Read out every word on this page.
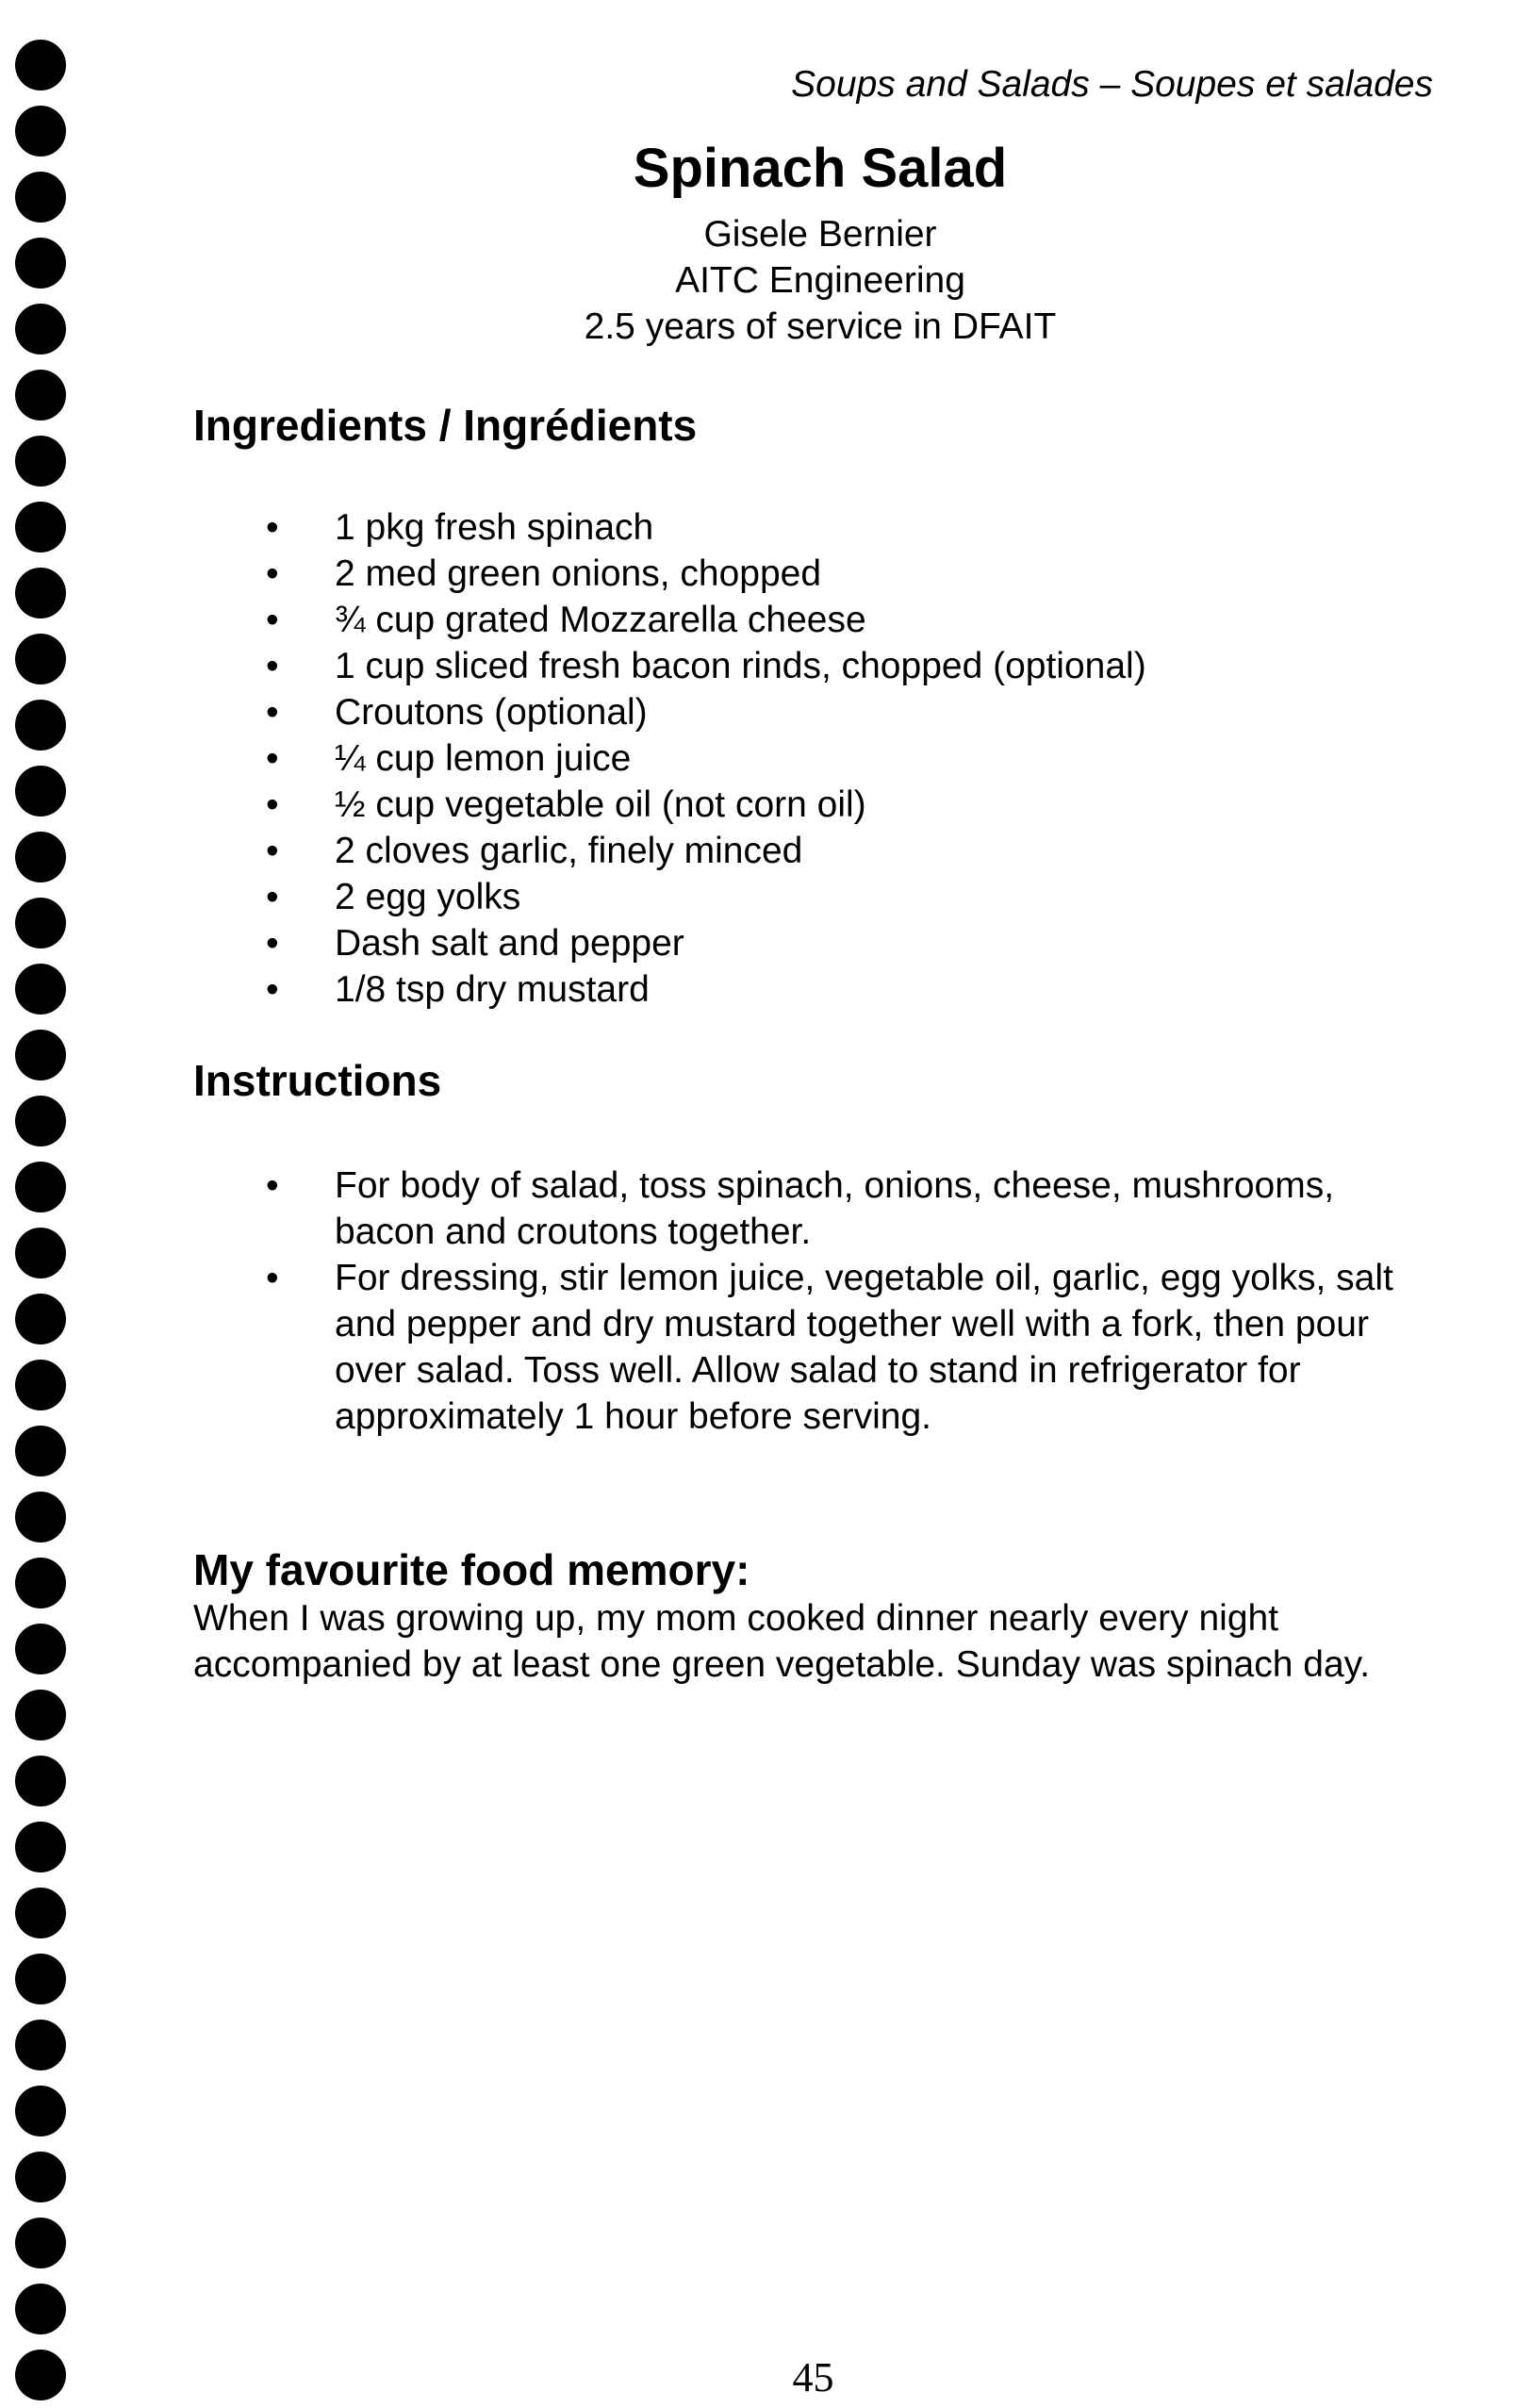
Soups and Salads – Soupes et salades
Spinach Salad
Gisele Bernier
AITC Engineering
2.5 years of service in DFAIT
Ingredients / Ingrédients
• 1 pkg fresh spinach
• 2 med green onions, chopped
• ¾ cup grated Mozzarella cheese
• 1 cup sliced fresh bacon rinds, chopped (optional)
• Croutons (optional)
• ¼ cup lemon juice
• ½ cup vegetable oil (not corn oil)
• 2 cloves garlic, finely minced
• 2 egg yolks
• Dash salt and pepper
• 1/8 tsp dry mustard
Instructions
• For body of salad, toss spinach, onions, cheese, mushrooms, bacon and croutons together.
• For dressing, stir lemon juice, vegetable oil, garlic, egg yolks, salt and pepper and dry mustard together well with a fork, then pour over salad. Toss well. Allow salad to stand in refrigerator for approximately 1 hour before serving.
My favourite food memory:
When I was growing up, my mom cooked dinner nearly every night accompanied by at least one green vegetable. Sunday was spinach day.
45
